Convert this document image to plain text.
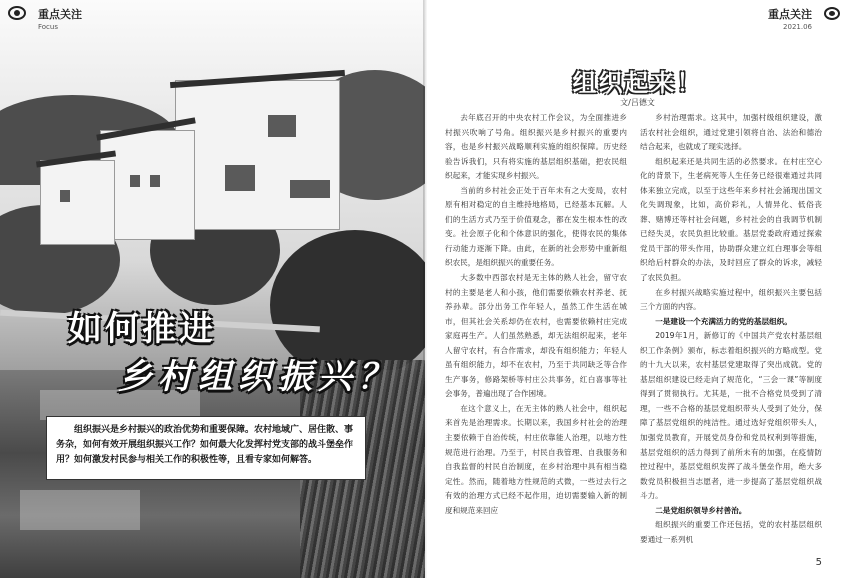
重点关注
Focus
如何推进
乡村组织振兴？
组织振兴是乡村振兴的政治优势和重要保障。农村地域广、居住散、事务杂，如何有效开展组织振兴工作？如何最大化发挥村党支部的战斗堡垒作用？如何激发村民参与相关工作的积极性等，且看专家如何解答。
重点关注
2021.06
组织起来！
文/吕德文

去年底召开的中央农村工作会议，为全面推进乡村振兴吹响了号角。组织振兴是乡村振兴的重要内容，也是乡村振兴战略顺利实施的组织保障。历史经验告诉我们，只有将实施的基层组织基础，把农民组织起来，才能实现乡村振兴。

当前的乡村社会正处于百年未有之大变局，农村原有相对稳定的自主维持地格局，已经基本瓦解。人们的生活方式乃至于价值观念，都在发生根本性的改变。社会原子化和个体意识的强化，使得农民的集体行动能力逐渐下降。由此，在新的社会形势中重新组织农民，是组织振兴的重要任务。

大多数中西部农村是无主体的熟人社会，留守农村的主要是老人和小孩，他们需要依赖农村养老、抚养孙辈。部分出务工作年轻人，虽然工作生活在城市，但其社会关系却仍在农村，也需要依赖村庄完成家庭再生产。人们虽然熟悉，却无法组织起来，老年人留守农村，有合作需求，却没有组织能力；年轻人虽有组织能力，却不在农村，乃至于共同缺乏等合作生产事务，修路架桥等村庄公共事务，红白喜事等社会事务，普遍出现了合作困境。

在这个意义上，在无主体的熟人社会中，组织起来首先是治理需求。长期以来，我国乡村社会的治理主要依赖于自治传统，村庄依靠能人治理，以地方性规范进行治理。乃至于，村民自我管理、自我服务和自我监督的村民自治制度，在乡村治理中具有相当稳定性。然而，随着地方性规范的式微，一些过去行之有效的治理方式已经不起作用，迫切需要输入新的制度和规范来回应

乡村治理需求。这其中，加强村级组织建设，激活农村社会组织，通过党建引领将自治、法治和德治结合起来，也就成了现实选择。

组织起来还是共同生活的必然要求。在村庄空心化的背景下，生老病死等人生任务已经很难通过共同体来独立完成，以至于这些年来乡村社会涌现出国文化失调现象，比如，高价彩礼，人情异化、低俗丧葬、赌博还等村社会问题，乡村社会的自我调节机制已经失灵，农民负担比较重。基层党委政府通过探索党员干部的带头作用，协助群众建立红白理事会等组织给后村群众的办法，及时回应了群众的诉求，减轻了农民负担。

在乡村振兴战略实施过程中，组织振兴主要包括三个方面的内容。

一是建设一个充满活力的党的基层组织。

2019年1月，新修订的《中国共产党农村基层组织工作条例》颁布，标志着组织振兴的方略成型。党的十九大以来，农村基层党建取得了突出成就。党的基层组织建设已经走向了规范化，“三会一课”等制度得到了贯彻执行。尤其是，一批不合格党员受到了清理，一些不合格的基层党组织带头人受到了处分，保障了基层党组织的纯洁性。通过选好党组织带头人，加强党员教育，开展党员身份和党员权利到等措施，基层党组织的活力得到了前所未有的加强，在疫情防控过程中，基层党组织发挥了战斗堡垒作用，绝大多数党员积极担当志愿者，进一步提高了基层党组织战斗力。

二是党组织领导乡村善治。

组织振兴的重要工作还包括，党的农村基层组织要通过一系列机

5
